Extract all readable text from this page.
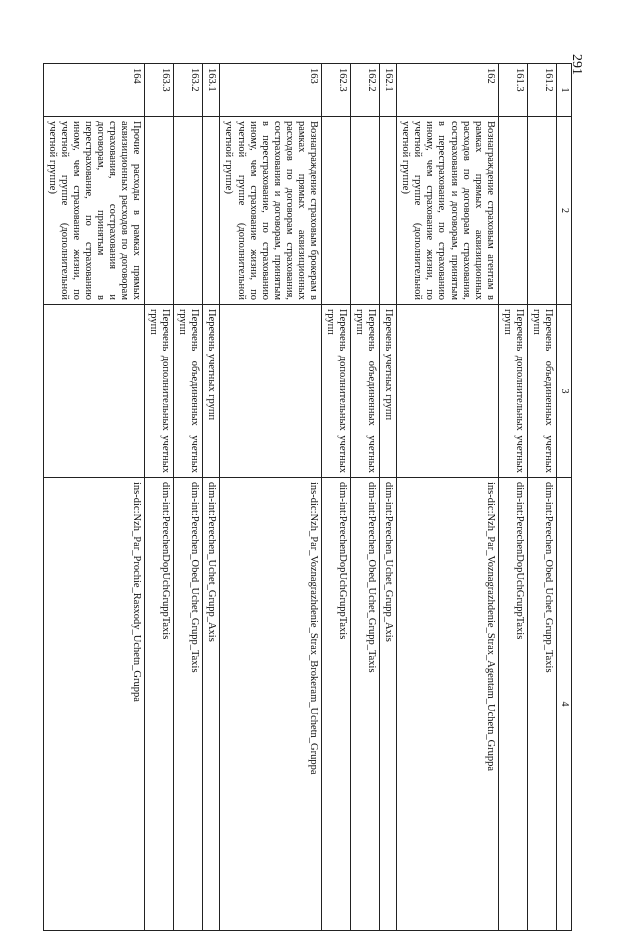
291
1	2	3	4
161.2		Перечень объединенных учетных групп	dim-int:Perechen_Obed_Uchet_Grupp_Taxis
161.3		Перечень дополнительных учетных групп	dim-int:PerechenDopUchGruppTaxis
162	Вознаграждение страховым агентам в рамках прямых аквизиционных расходов по договорам страхования, сострахования и договорам, принятым в перестрахование, по страхованию иному, чем страхование жизни, по учетной группе (дополнительной учетной группе)		ins-dic:Nzh_Par_Voznagrazhdenie_Strax_Agentam_Uchetn_Gruppa
162.1		Перечень учетных групп	dim-int:Perechen_Uchet_Grupp_Axis
162.2		Перечень объединенных учетных групп	dim-int:Perechen_Obed_Uchet_Grupp_Taxis
162.3		Перечень дополнительных учетных групп	dim-int:PerechenDopUchGruppTaxis
163	Вознаграждение страховым брокерам в рамках прямых аквизиционных расходов по договорам страхования, сострахования и договорам, принятым в перестрахование, по страхованию иному, чем страхование жизни, по учетной группе (дополнительной учетной группе)		ins-dic:Nzh_Par_Voznagrazhdenie_Strax_Brokeram_Uchetn_Gruppa
163.1		Перечень учетных групп	dim-int:Perechen_Uchet_Grupp_Axis
163.2		Перечень объединенных учетных групп	dim-int:Perechen_Obed_Uchet_Grupp_Taxis
163.3		Перечень дополнительных учетных групп	dim-int:PerechenDopUchGruppTaxis
164	Прочие расходы в рамках прямых аквизиционных расходов по договорам страхования, сострахования и договорам, принятым в перестрахование, по страхованию иному, чем страхование жизни, по учетной группе (дополнительной учетной группе)		ins-dic:Nzh_Par_Prochie_Rasxody_Uchetn_Gruppa
